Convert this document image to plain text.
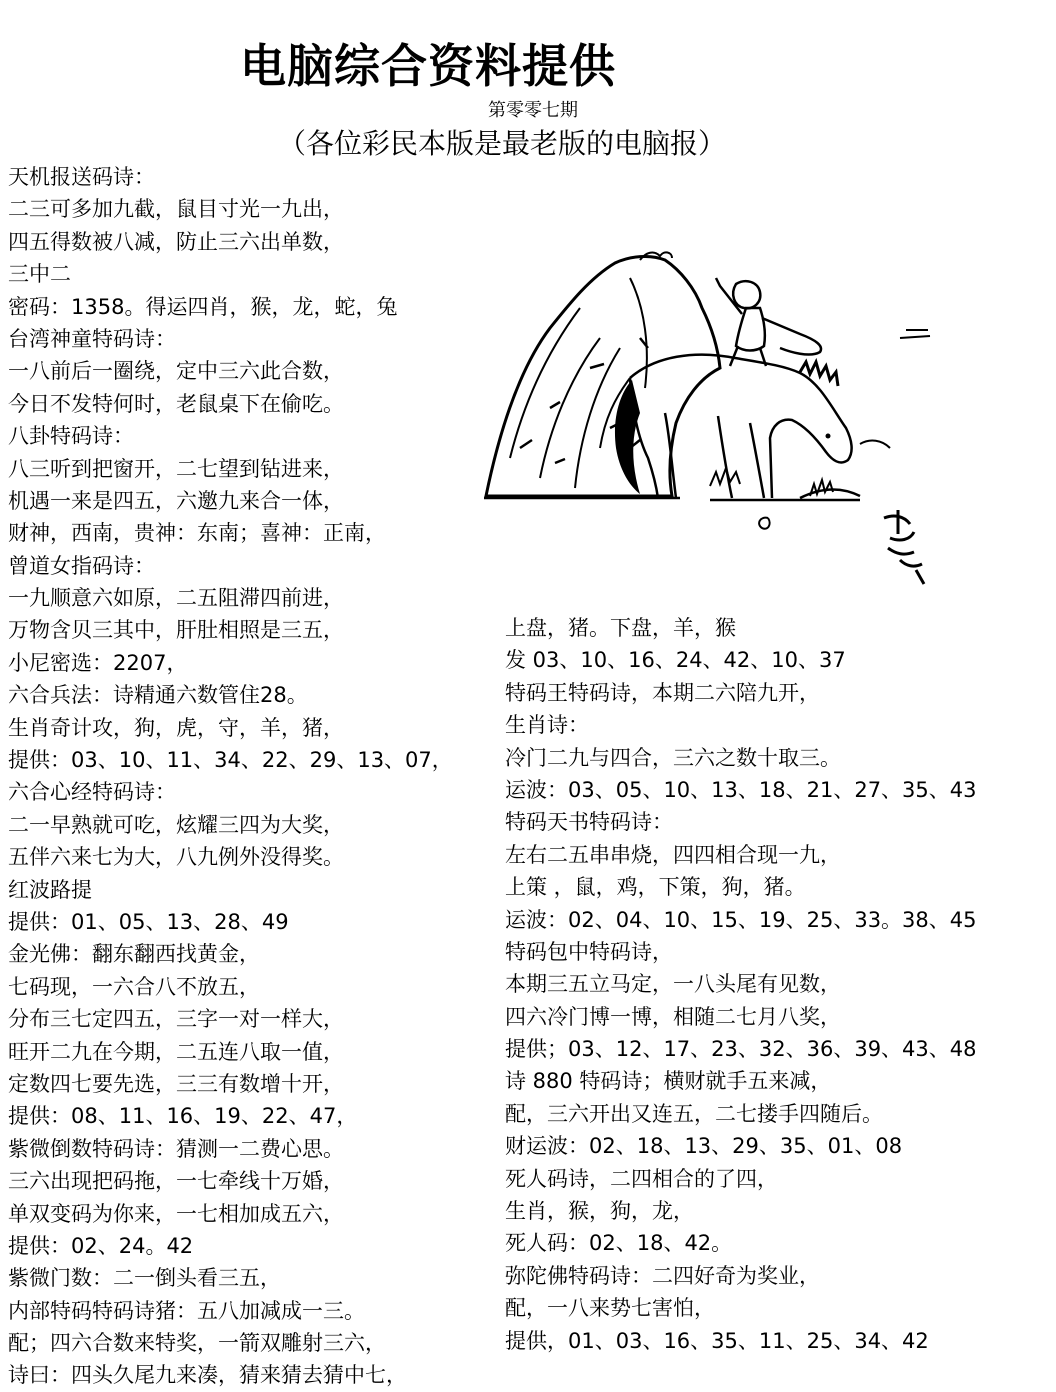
电脑综合资料提供
第零零七期
（各位彩民本版是最老版的电脑报）
天机报送码诗：
二三可多加九截，鼠目寸光一九出，
四五得数被八减，防止三六出单数，
三中二
密码：1358。得运四肖，猴，龙，蛇，兔
台湾神童特码诗：
一八前后一圈绕，定中三六此合数，
今日不发特何时，老鼠桌下在偷吃。
八卦特码诗：
八三听到把窗开，二七望到钻进来，
机遇一来是四五，六邀九来合一体，
财神，西南，贵神：东南；喜神：正南，
曾道女指码诗：
一九顺意六如原，二五阻滞四前进，
万物含贝三其中，肝肚相照是三五，
小尼密选：2207，
六合兵法：诗精通六数管住28。
生肖奇计攻，狗，虎，守，羊，猪，
提供：03、10、11、34、22、29、13、07，
六合心经特码诗：
二一早熟就可吃，炫耀三四为大奖，
五伴六来七为大，八九例外没得奖。
红波路提
提供：01、05、13、28、49
金光佛：翻东翻西找黄金，
七码现，一六合八不放五，
分布三七定四五，三字一对一样大，
旺开二九在今期，二五连八取一值，
定数四七要先选，三三有数增十开，
提供：08、11、16、19、22、47，
紫微倒数特码诗：猜测一二费心思。
三六出现把码拖，一七牵线十万婚，
单双变码为你来，一七相加成五六，
提供：02、24。42
紫微门数：二一倒头看三五，
内部特码特码诗猪：五八加减成一三。
配；四六合数来特奖，一箭双雕射三六，
诗曰：四头久尾九来凑，猜来猜去猜中七，
上盘，猪。下盘，羊，猴
发 03、10、16、24、42、10、37
特码王特码诗，本期二六陪九开，
生肖诗：
冷门二九与四合，三六之数十取三。
运波：03、05、10、13、18、21、27、35、43
特码天书特码诗：
左右二五串串烧，四四相合现一九，
上策 ，鼠，鸡，下策，狗，猪。
运波：02、04、10、15、19、25、33。38、45
特码包中特码诗，
本期三五立马定，一八头尾有见数，
四六冷门博一博，相随二七月八奖，
提供；03、12、17、23、32、36、39、43、48
诗 880 特码诗；横财就手五来减，
配，三六开出又连五，二七搂手四随后。
财运波：02、18、13、29、35、01、08
死人码诗，二四相合的了四，
生肖，猴，狗，龙，
死人码：02、18、42。
弥陀佛特码诗：二四好奇为奖业，
配，一八来势七害怕，
提供，01、03、16、35、11、25、34、42
